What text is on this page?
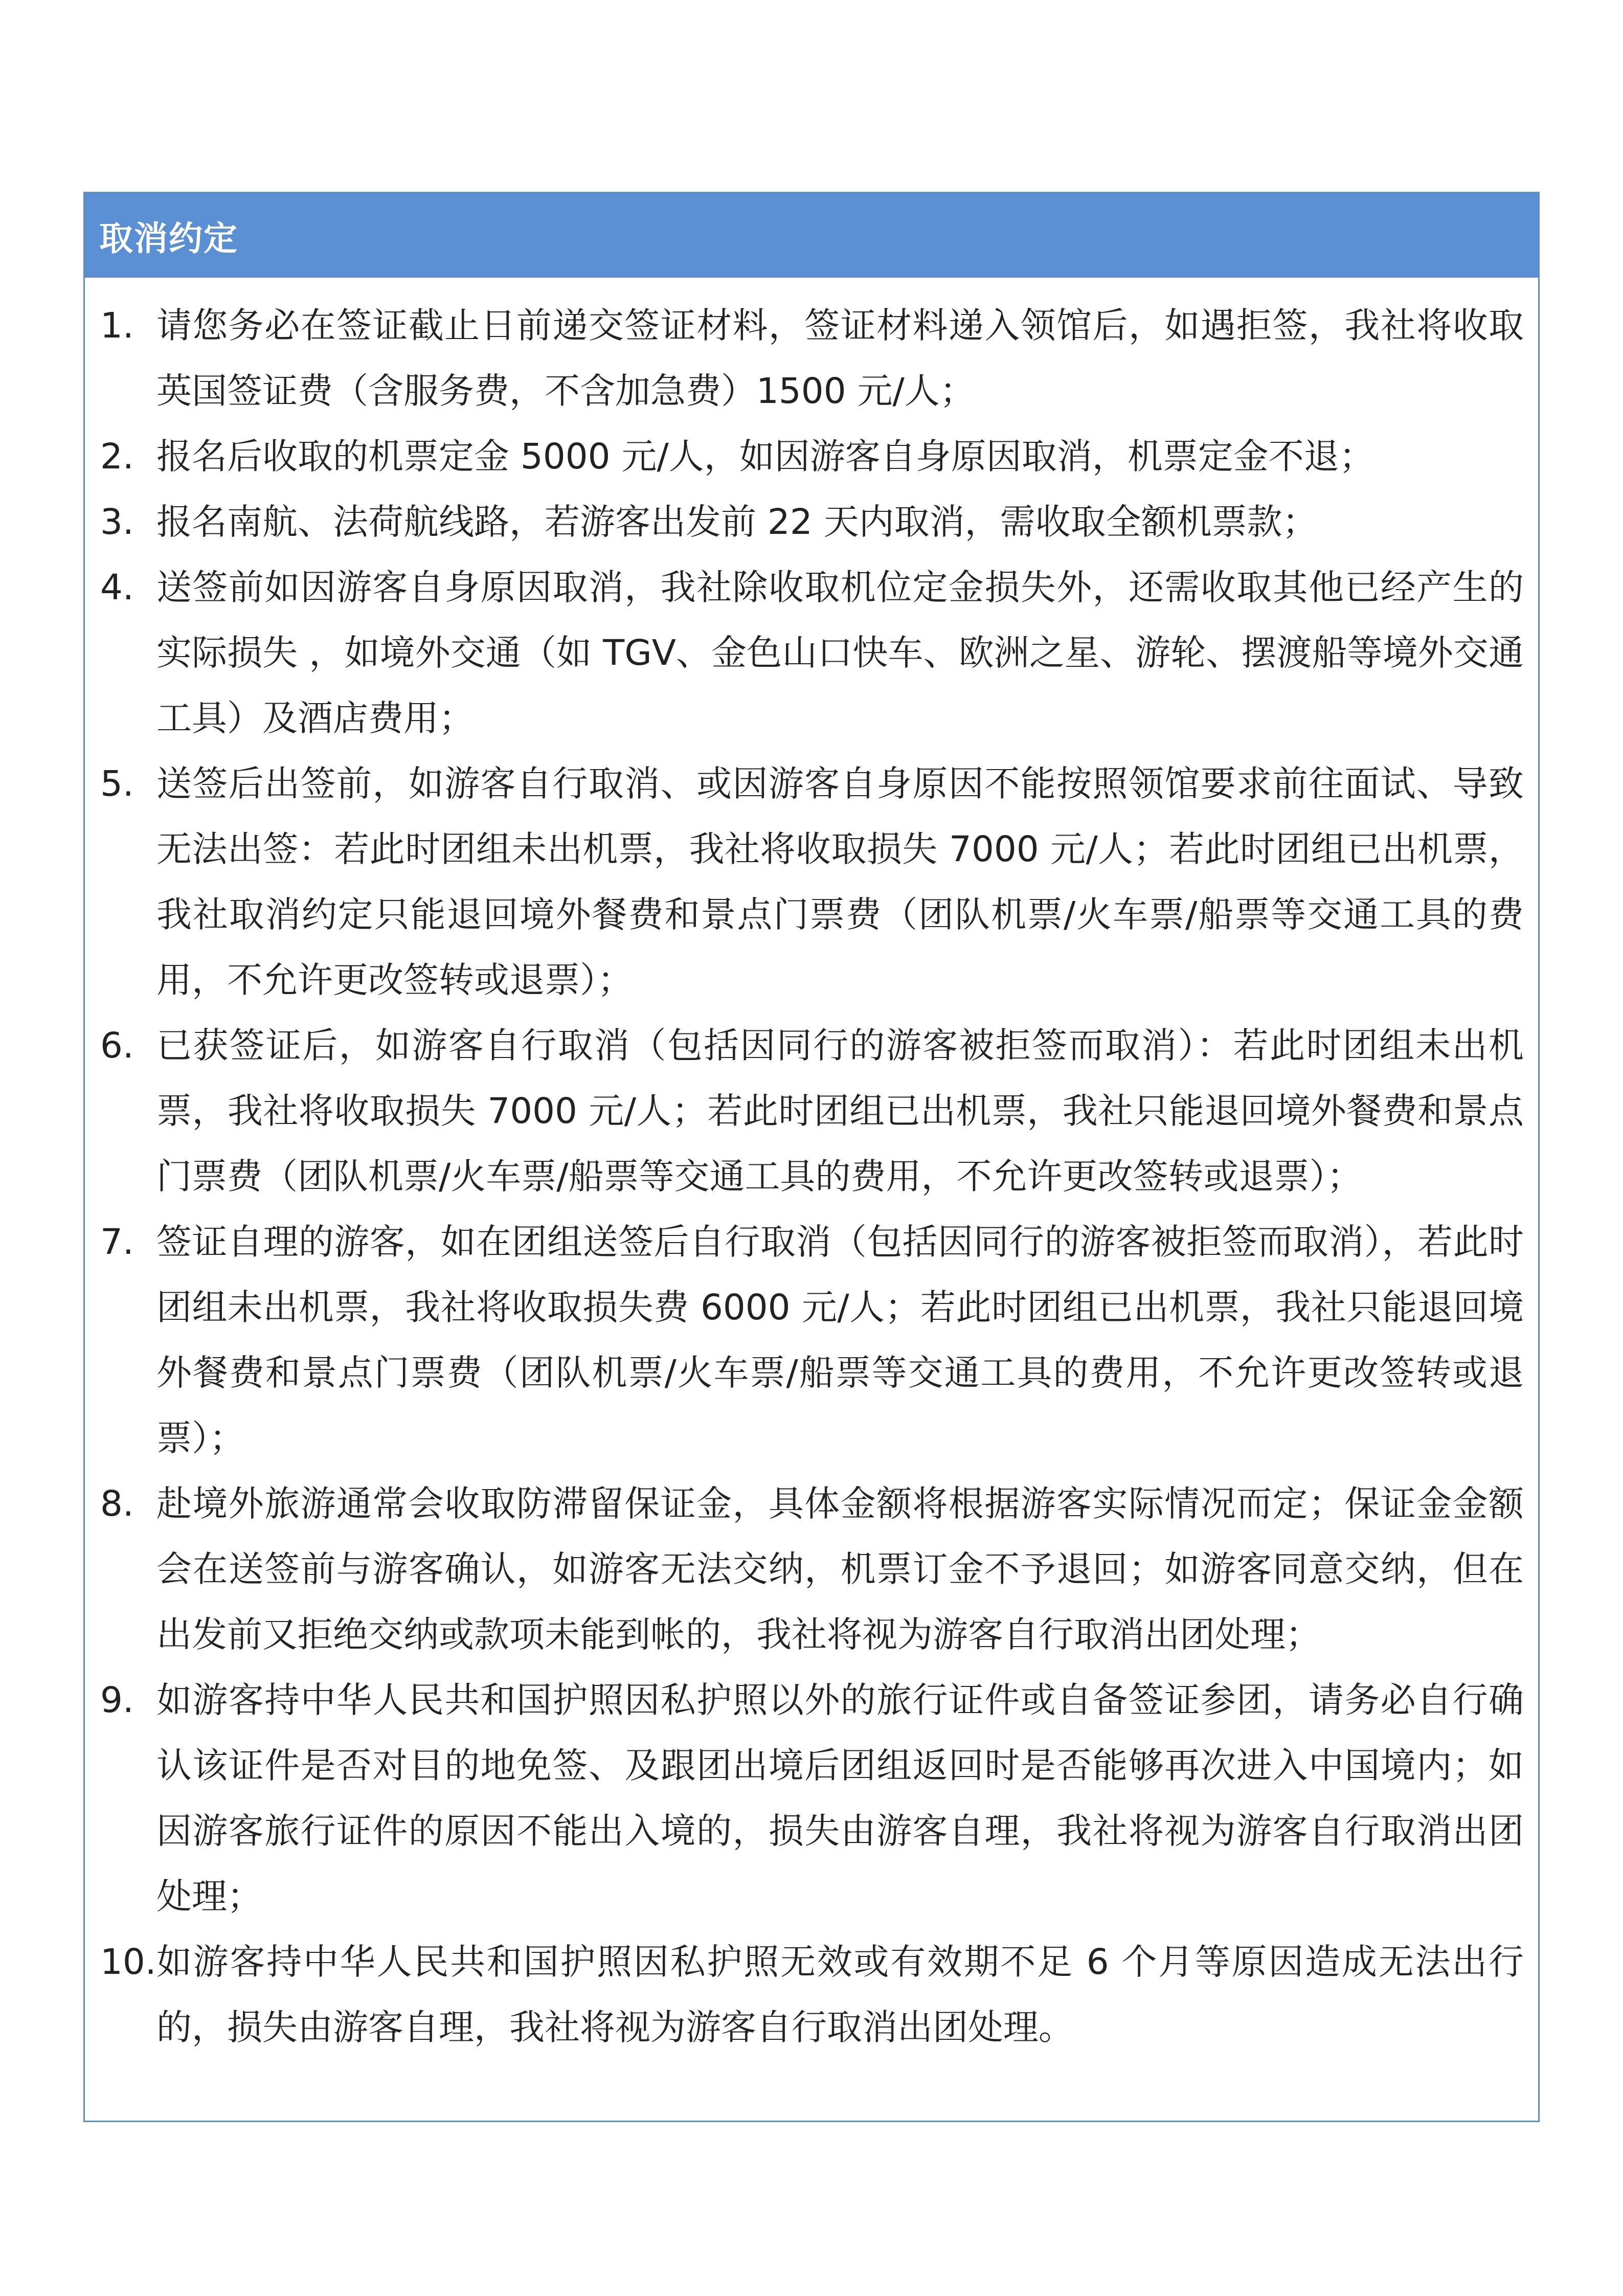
取消约定
1. 请您务必在签证截止日前递交签证材料，签证材料递入领馆后，如遇拒签，我社将收取英国签证费（含服务费，不含加急费）1500 元/人；
2. 报名后收取的机票定金 5000 元/人，如因游客自身原因取消，机票定金不退；
3. 报名南航、法荷航线路，若游客出发前 22 天内取消，需收取全额机票款；
4. 送签前如因游客自身原因取消，我社除收取机位定金损失外，还需收取其他已经产生的实际损失 ，如境外交通（如 TGV、金色山口快车、欧洲之星、游轮、摆渡船等境外交通工具）及酒店费用；
5. 送签后出签前，如游客自行取消、或因游客自身原因不能按照领馆要求前往面试、导致无法出签：若此时团组未出机票，我社将收取损失 7000 元/人；若此时团组已出机票，我社取消约定只能退回境外餐费和景点门票费（团队机票/火车票/船票等交通工具的费用，不允许更改签转或退票）；
6. 已获签证后，如游客自行取消（包括因同行的游客被拒签而取消）：若此时团组未出机票，我社将收取损失 7000 元/人；若此时团组已出机票，我社只能退回境外餐费和景点门票费（团队机票/火车票/船票等交通工具的费用，不允许更改签转或退票）；
7. 签证自理的游客，如在团组送签后自行取消（包括因同行的游客被拒签而取消），若此时团组未出机票，我社将收取损失费 6000 元/人；若此时团组已出机票，我社只能退回境外餐费和景点门票费（团队机票/火车票/船票等交通工具的费用，不允许更改签转或退票）；
8. 赴境外旅游通常会收取防滞留保证金，具体金额将根据游客实际情况而定；保证金金额会在送签前与游客确认，如游客无法交纳，机票订金不予退回；如游客同意交纳，但在出发前又拒绝交纳或款项未能到帐的，我社将视为游客自行取消出团处理；
9. 如游客持中华人民共和国护照因私护照以外的旅行证件或自备签证参团，请务必自行确认该证件是否对目的地免签、及跟团出境后团组返回时是否能够再次进入中国境内；如因游客旅行证件的原因不能出入境的，损失由游客自理，我社将视为游客自行取消出团处理；
10. 如游客持中华人民共和国护照因私护照无效或有效期不足 6 个月等原因造成无法出行的，损失由游客自理，我社将视为游客自行取消出团处理。
